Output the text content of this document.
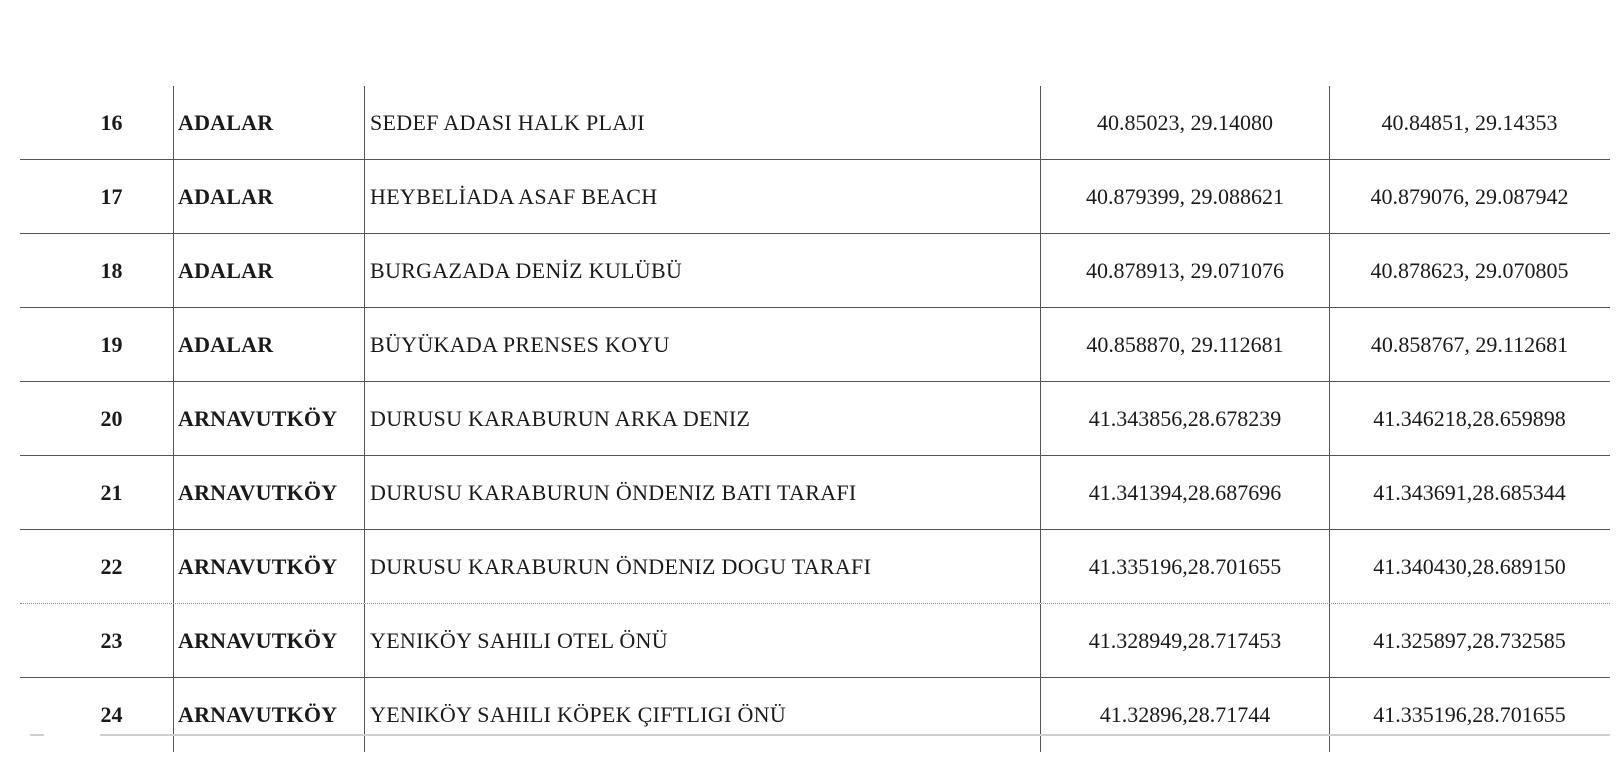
16	ADALAR	SEDEF ADASI HALK PLAJI	40.85023, 29.14080	40.84851, 29.14353
17	ADALAR	HEYBELİADA ASAF BEACH	40.879399, 29.088621	40.879076, 29.087942
18	ADALAR	BURGAZADA DENİZ KULÜBÜ	40.878913, 29.071076	40.878623, 29.070805
19	ADALAR	BÜYÜKADA PRENSES KOYU	40.858870, 29.112681	40.858767, 29.112681
20	ARNAVUTKÖY	DURUSU KARABURUN ARKA DENIZ	41.343856,28.678239	41.346218,28.659898
21	ARNAVUTKÖY	DURUSU KARABURUN ÖNDENIZ BATI TARAFI	41.341394,28.687696	41.343691,28.685344
22	ARNAVUTKÖY	DURUSU KARABURUN ÖNDENIZ DOGU TARAFI	41.335196,28.701655	41.340430,28.689150
23	ARNAVUTKÖY	YENIKÖY SAHILI OTEL ÖNÜ	41.328949,28.717453	41.325897,28.732585
24	ARNAVUTKÖY	YENIKÖY SAHILI KÖPEK ÇIFTLIGI ÖNÜ	41.32896,28.71744	41.335196,28.701655
